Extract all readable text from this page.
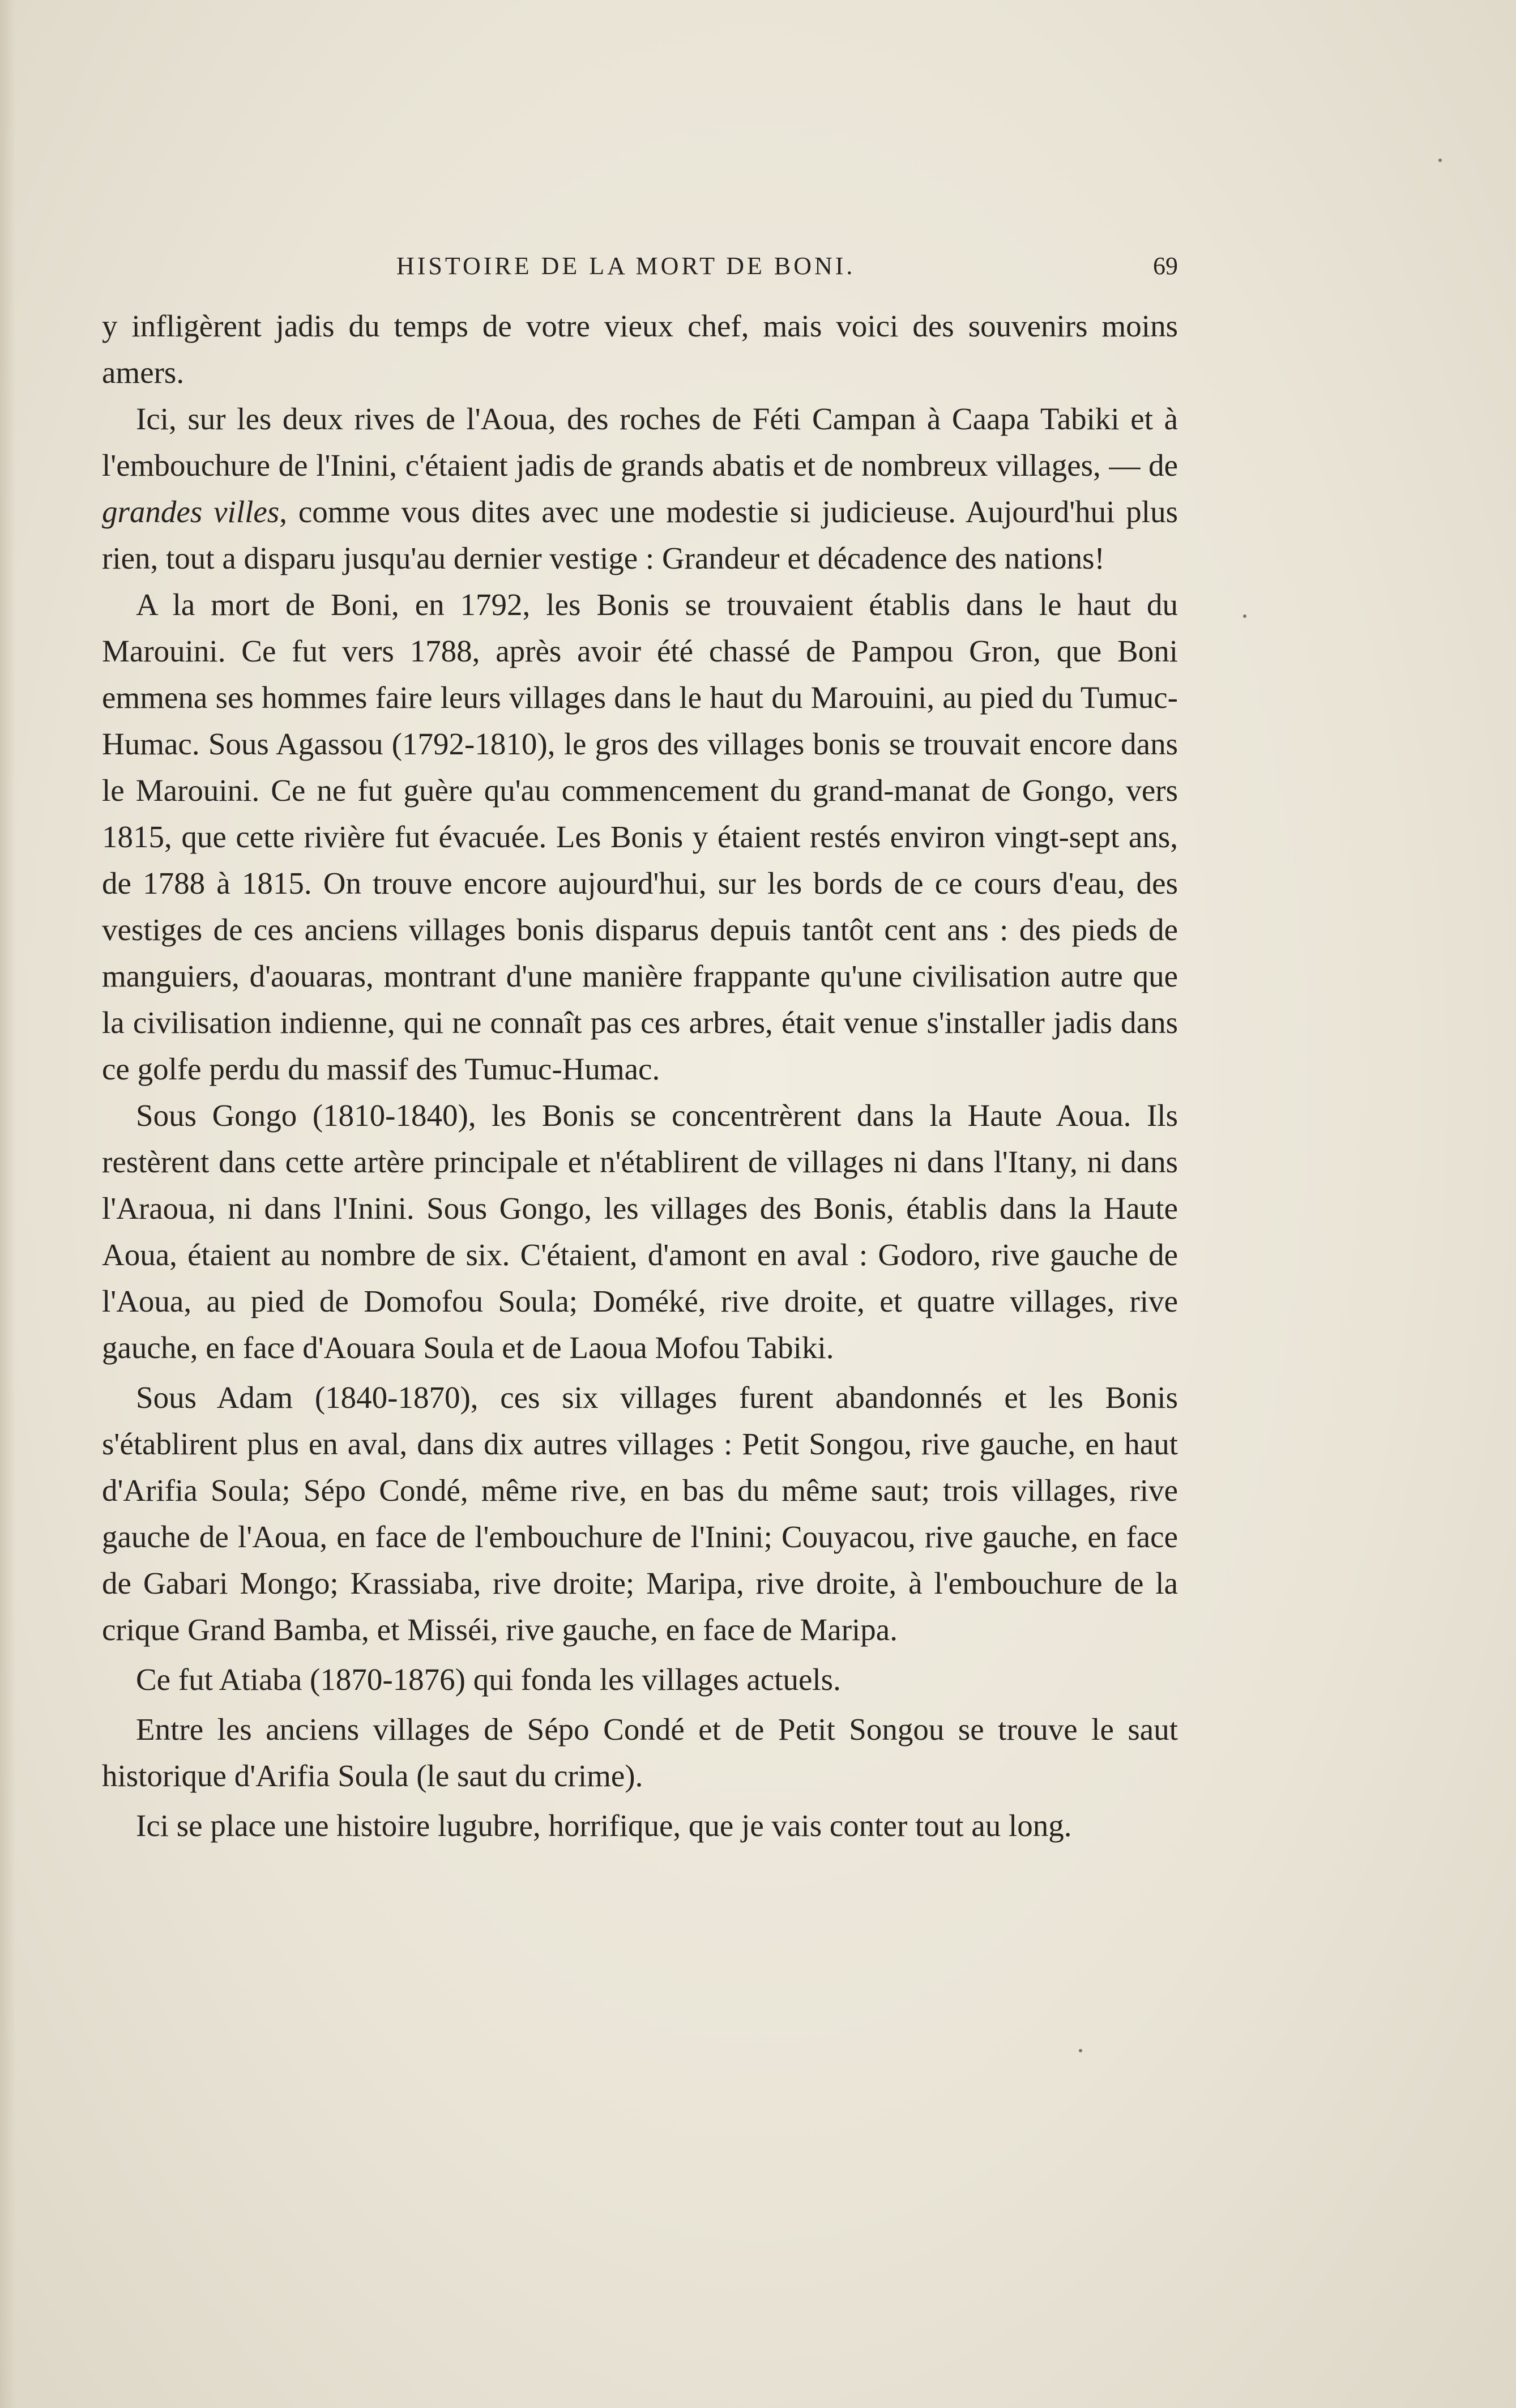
HISTOIRE DE LA MORT DE BONI.	69

y infligèrent jadis du temps de votre vieux chef, mais voici des souvenirs moins amers.

Ici, sur les deux rives de l'Aoua, des roches de Féti Campan à Caapa Tabiki et à l'embouchure de l'Inini, c'étaient jadis de grands abatis et de nombreux villages, — de grandes villes, comme vous dites avec une modestie si judicieuse. Aujourd'hui plus rien, tout a disparu jusqu'au dernier vestige : Grandeur et décadence des nations!

A la mort de Boni, en 1792, les Bonis se trouvaient établis dans le haut du Marouini. Ce fut vers 1788, après avoir été chassé de Pampou Gron, que Boni emmena ses hommes faire leurs villages dans le haut du Marouini, au pied du Tumuc-Humac. Sous Agassou (1792-1810), le gros des villages bonis se trouvait encore dans le Marouini. Ce ne fut guère qu'au commencement du grand-manat de Gongo, vers 1815, que cette rivière fut évacuée. Les Bonis y étaient restés environ vingt-sept ans, de 1788 à 1815. On trouve encore aujourd'hui, sur les bords de ce cours d'eau, des vestiges de ces anciens villages bonis disparus depuis tantôt cent ans : des pieds de manguiers, d'aouaras, montrant d'une manière frappante qu'une civilisation autre que la civilisation indienne, qui ne connaît pas ces arbres, était venue s'installer jadis dans ce golfe perdu du massif des Tumuc-Humac.

Sous Gongo (1810-1840), les Bonis se concentrèrent dans la Haute Aoua. Ils restèrent dans cette artère principale et n'établirent de villages ni dans l'Itany, ni dans l'Araoua, ni dans l'Inini. Sous Gongo, les villages des Bonis, établis dans la Haute Aoua, étaient au nombre de six. C'étaient, d'amont en aval : Godoro, rive gauche de l'Aoua, au pied de Domofou Soula; Doméké, rive droite, et quatre villages, rive gauche, en face d'Aouara Soula et de Laoua Mofou Tabiki.

Sous Adam (1840-1870), ces six villages furent abandonnés et les Bonis s'établirent plus en aval, dans dix autres villages : Petit Songou, rive gauche, en haut d'Arifia Soula; Sépo Condé, même rive, en bas du même saut; trois villages, rive gauche de l'Aoua, en face de l'embouchure de l'Inini; Couyacou, rive gauche, en face de Gabari Mongo; Krassiaba, rive droite; Maripa, rive droite, à l'embouchure de la crique Grand Bamba, et Misséi, rive gauche, en face de Maripa.

Ce fut Atiaba (1870-1876) qui fonda les villages actuels.

Entre les anciens villages de Sépo Condé et de Petit Songou se trouve le saut historique d'Arifia Soula (le saut du crime).

Ici se place une histoire lugubre, horrifique, que je vais conter tout au long.
